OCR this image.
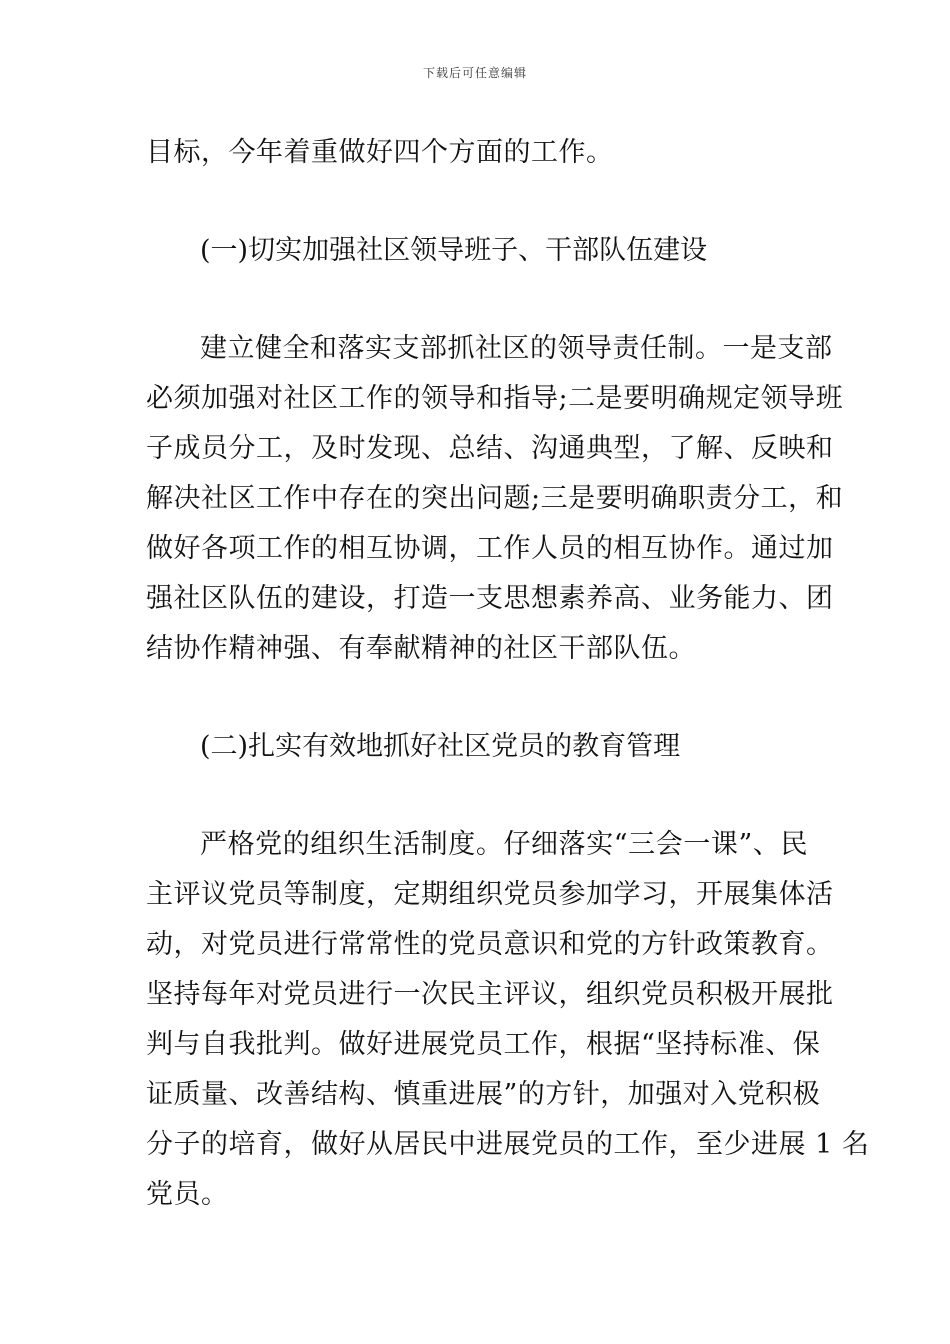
下载后可任意编辑
目标，今年着重做好四个方面的工作。
(一)切实加强社区领导班子、干部队伍建设
建立健全和落实支部抓社区的领导责任制。一是支部
必须加强对社区工作的领导和指导;二是要明确规定领导班
子成员分工，及时发现、总结、沟通典型，了解、反映和
解决社区工作中存在的突出问题;三是要明确职责分工，和
做好各项工作的相互协调，工作人员的相互协作。通过加
强社区队伍的建设，打造一支思想素养高、业务能力、团
结协作精神强、有奉献精神的社区干部队伍。
(二)扎实有效地抓好社区党员的教育管理
严格党的组织生活制度。仔细落实“三会一课”、民
主评议党员等制度，定期组织党员参加学习，开展集体活
动，对党员进行常常性的党员意识和党的方针政策教育。
坚持每年对党员进行一次民主评议，组织党员积极开展批
判与自我批判。做好进展党员工作，根据“坚持标准、保
证质量、改善结构、慎重进展”的方针，加强对入党积极
分子的培育，做好从居民中进展党员的工作，至少进展 1 名
党员。
